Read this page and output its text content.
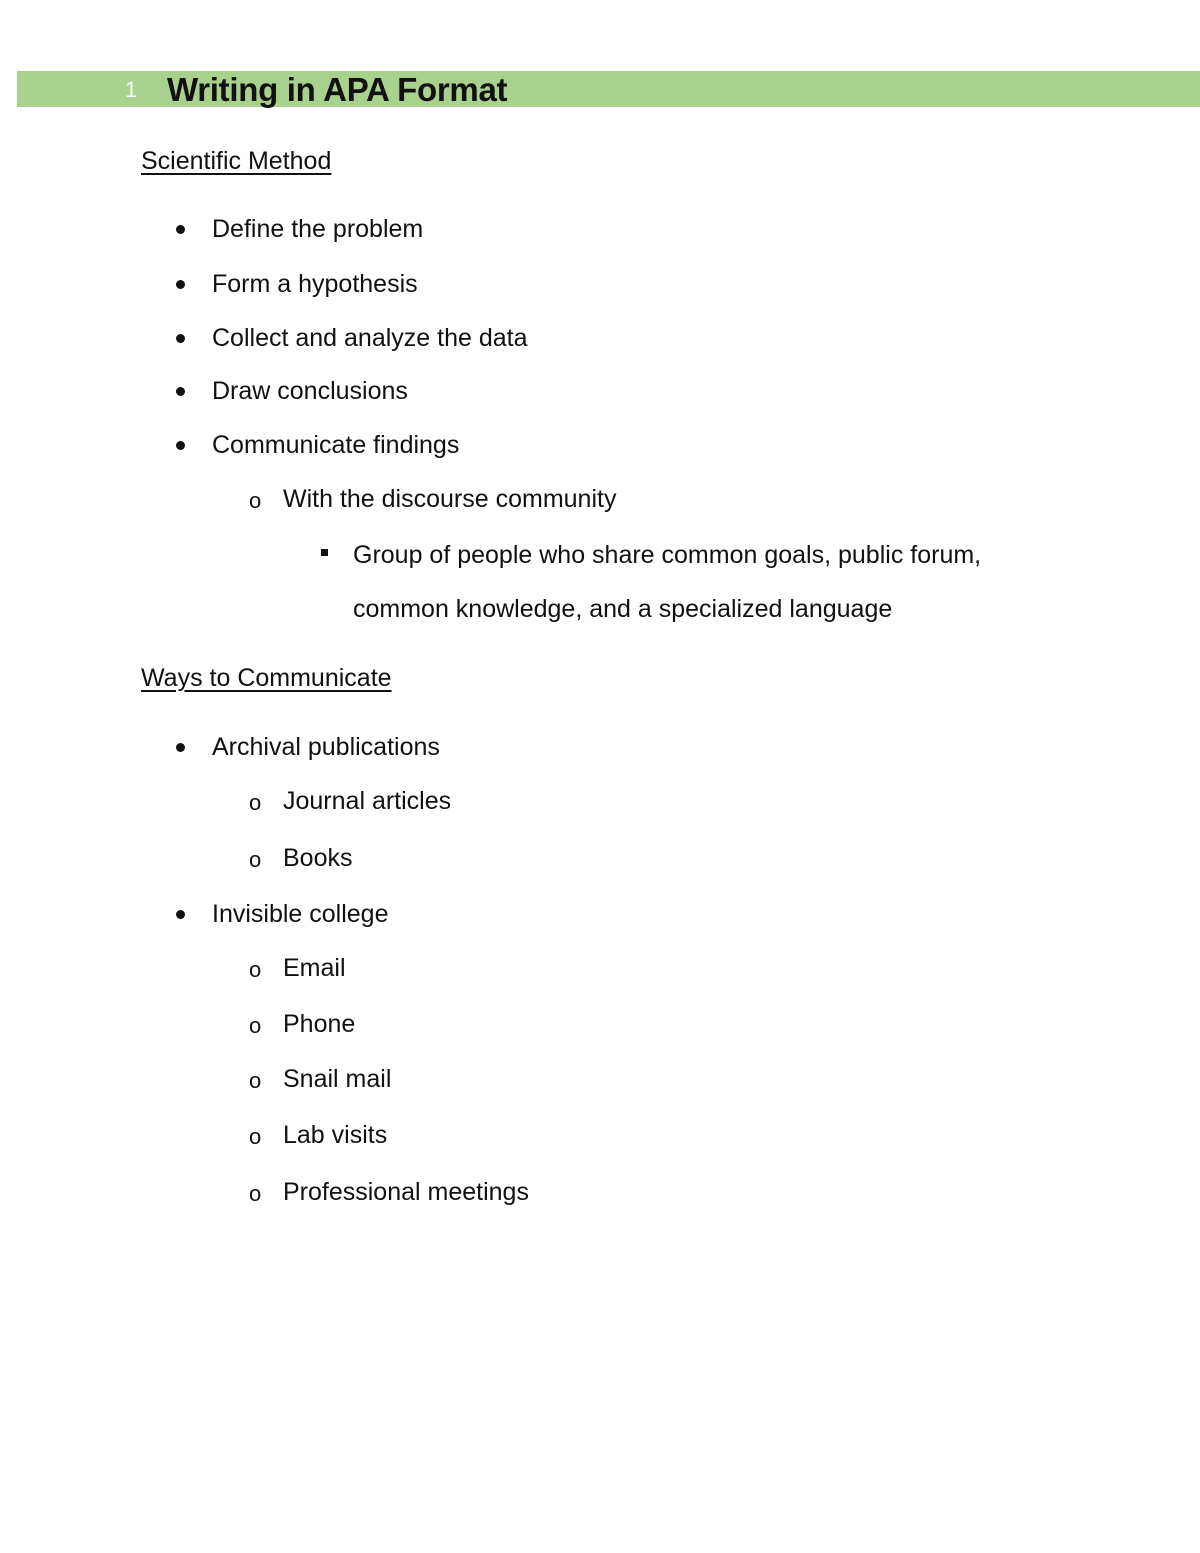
1 Writing in APA Format
Scientific Method
Define the problem
Form a hypothesis
Collect and analyze the data
Draw conclusions
Communicate findings
o With the discourse community
Group of people who share common goals, public forum,
common knowledge, and a specialized language
Ways to Communicate
Archival publications
o Journal articles
o Books
Invisible college
o Email
o Phone
o Snail mail
o Lab visits
o Professional meetings
